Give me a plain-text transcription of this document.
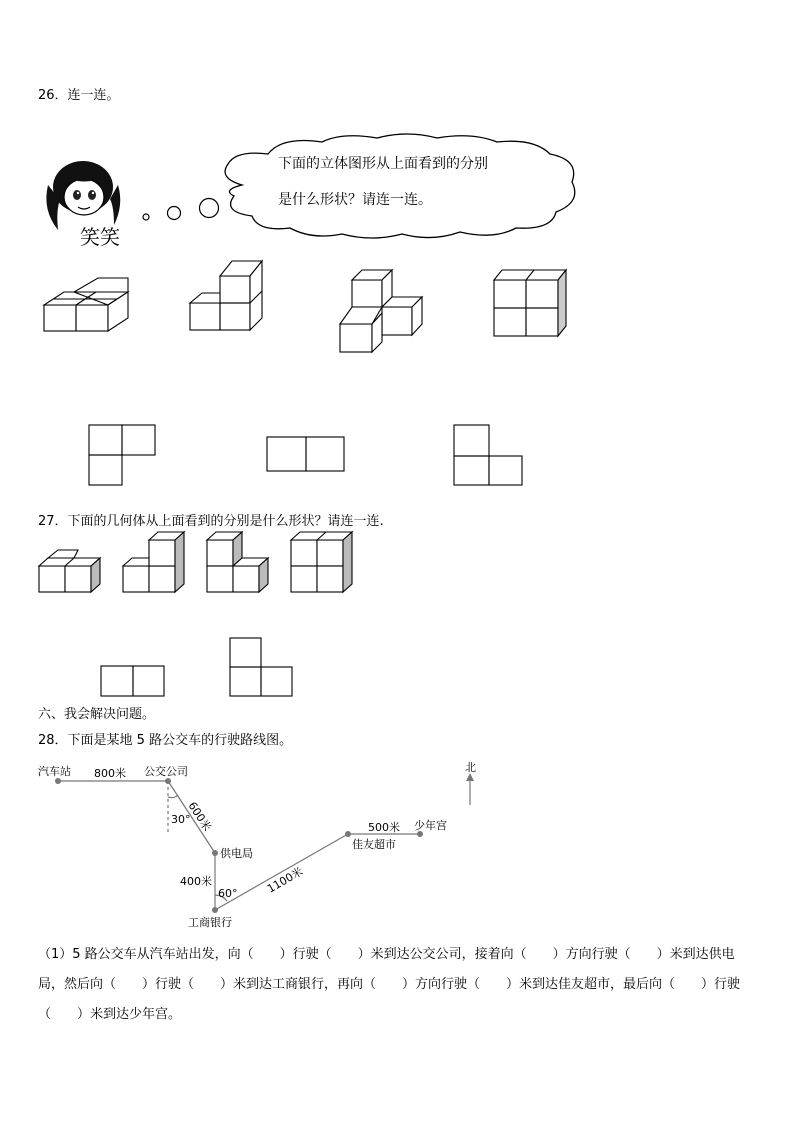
26．连一连。
笑笑
下面的立体图形从上面看到的分别
是什么形状？请连一连。
27．下面的几何体从上面看到的分别是什么形状？请连一连.
六、我会解决问题。
28．下面是某地 5 路公交车的行驶路线图。
汽车站 800米 公交公司
600米
30°
供电局
400米
60°	1100米
工商银行
佳友超市
500米 少年宫
北
（1）5 路公交车从汽车站出发，向（　　）行驶（　　）米到达公交公司，接着向（　　）方向行驶（　　）米到达供电局，然后向（　　）行驶（　　）米到达工商银行，再向（　　）方向行驶（　　）米到达佳友超市，最后向（　　）行驶（　　）米到达少年宫。
